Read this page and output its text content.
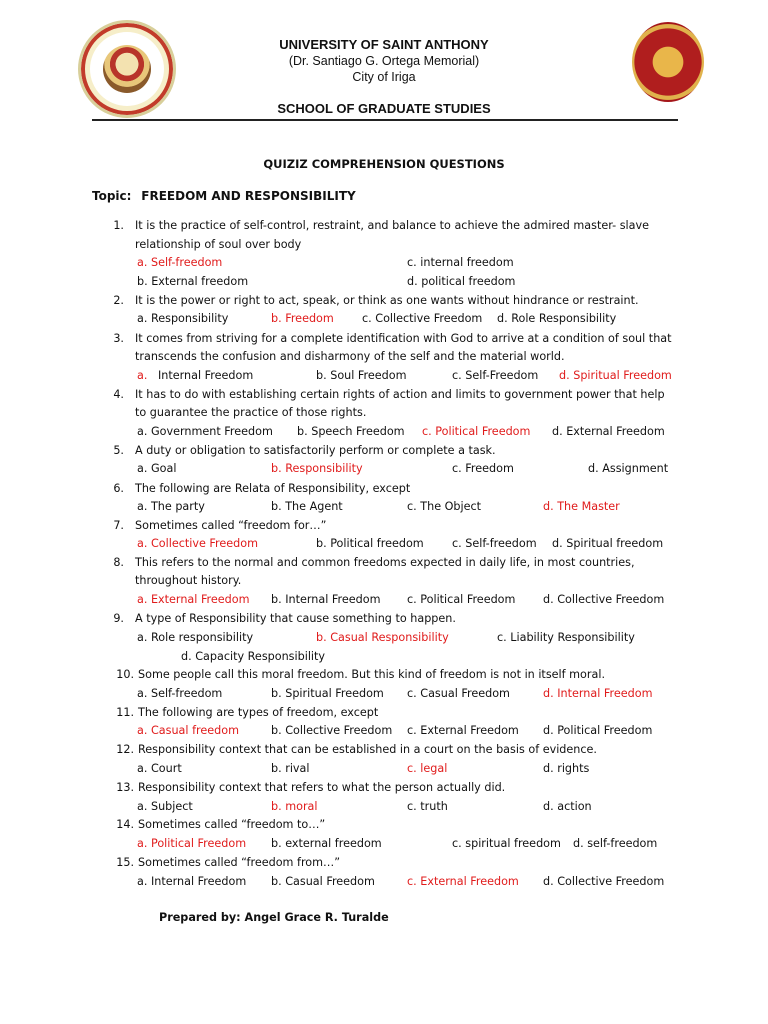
UNIVERSITY OF SAINT ANTHONY
(Dr. Santiago G. Ortega Memorial)
City of Iriga
SCHOOL OF GRADUATE STUDIES
QUIZIZ COMPREHENSION QUESTIONS
Topic: FREEDOM AND RESPONSIBILITY
1. It is the practice of self-control, restraint, and balance to achieve the admired master- slave
relationship of soul over body
a. Self-freedom	c. internal freedom
b. External freedom	d. political freedom
2. It is the power or right to act, speak, or think as one wants without hindrance or restraint.
a. Responsibility	b. Freedom	c. Collective Freedom d. Role Responsibility
3. It comes from striving for a complete identification with God to arrive at a condition of soul that
transcends the confusion and disharmony of the self and the material world.
a. Internal Freedom	b. Soul Freedom	c. Self-Freedom d. Spiritual Freedom
4. It has to do with establishing certain rights of action and limits to government power that help
to guarantee the practice of those rights.
a. Government Freedom b. Speech Freedom c. Political Freedom d. External Freedom
5. A duty or obligation to satisfactorily perform or complete a task.
a. Goal	b. Responsibility	c. Freedom	d. Assignment
6. The following are Relata of Responsibility, except
a. The party	b. The Agent	c. The Object	d. The Master
7. Sometimes called “freedom for…”
a. Collective Freedom	b. Political freedom	c. Self-freedom d. Spiritual freedom
8. This refers to the normal and common freedoms expected in daily life, in most countries,
throughout history.
a. External Freedom b. Internal Freedom c. Political Freedom d. Collective Freedom
9. A type of Responsibility that cause something to happen.
a. Role responsibility	b. Casual Responsibility	c. Liability Responsibility
d. Capacity Responsibility
10. Some people call this moral freedom. But this kind of freedom is not in itself moral.
a. Self-freedom	b. Spiritual Freedom c. Casual Freedom	d. Internal Freedom
11. The following are types of freedom, except
a. Casual freedom	b. Collective Freedom c. External Freedom d. Political Freedom
12. Responsibility context that can be established in a court on the basis of evidence.
a. Court	b. rival	c. legal	d. rights
13. Responsibility context that refers to what the person actually did.
a. Subject	b. moral	c. truth	d. action
14. Sometimes called “freedom to…”
a. Political Freedom b. external freedom	c. spiritual freedom d. self-freedom
15. Sometimes called “freedom from…”
a. Internal Freedom b. Casual Freedom	c. External Freedom d. Collective Freedom
Prepared by: Angel Grace R. Turalde
